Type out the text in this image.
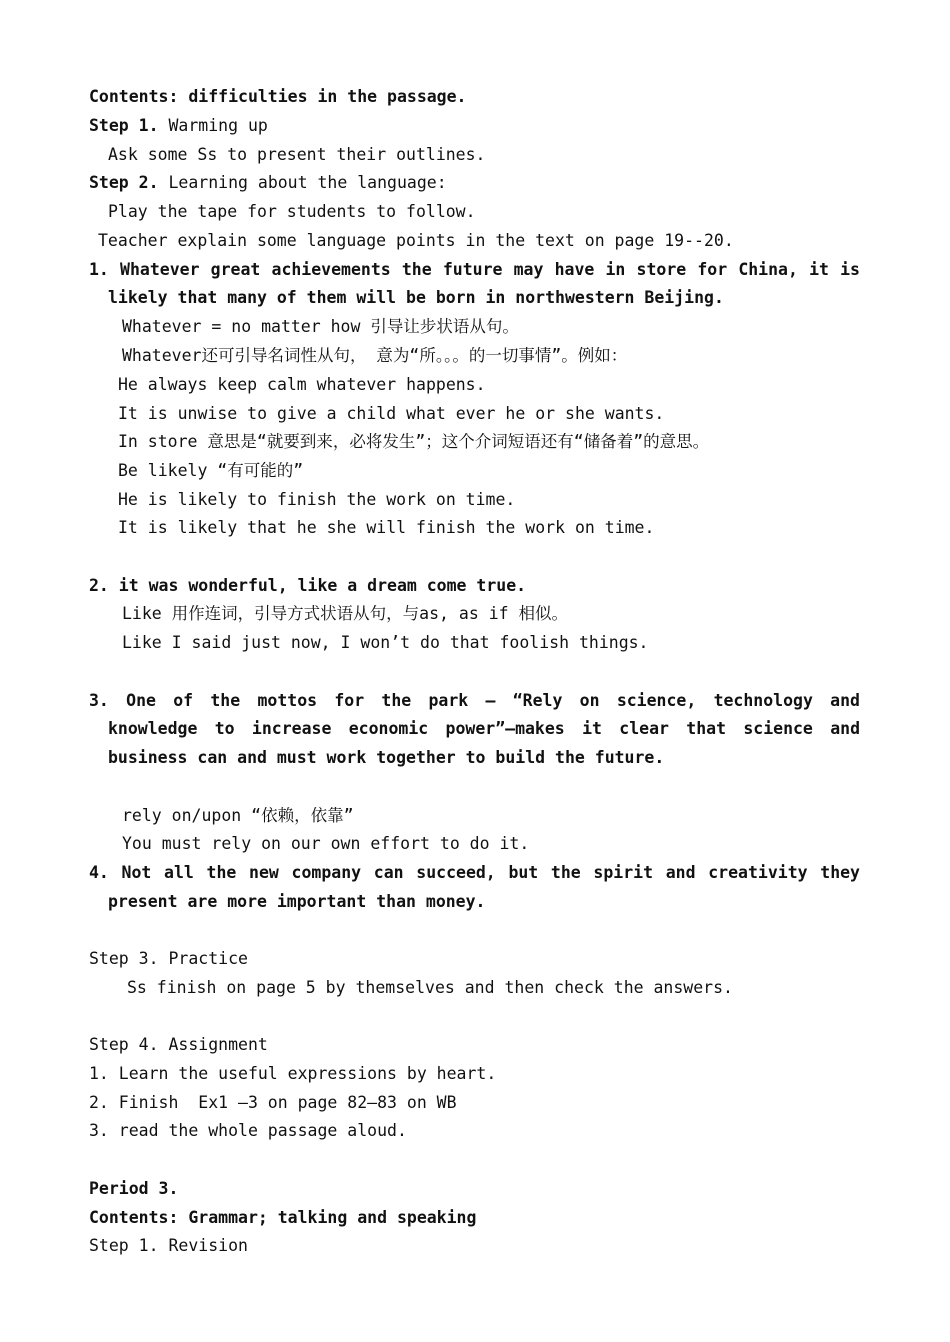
Contents: difficulties in the passage.
Step 1. Warming up
Ask some Ss to present their outlines.
Step 2. Learning about the language:
Play the tape for students to follow.
Teacher explain some language points in the text on page 19--20.
1. Whatever great achievements the future may have in store for China, it is
likely that many of them will be born in northwestern Beijing.
Whatever = no matter how 引导让步状语从句。
Whatever还可引导名词性从句， 意为“所。。。的一切事情”。例如：
He always keep calm whatever happens.
It is unwise to give a child what ever he or she wants.
In store 意思是“就要到来，必将发生”；这个介词短语还有“储备着”的意思。
Be likely “有可能的”
He is likely to finish the work on time.
It is likely that he she will finish the work on time.
2. it was wonderful, like a dream come true.
Like 用作连词，引导方式状语从句，与as, as if 相似。
Like I said just now, I won’t do that foolish things.
3. One of the mottos for the park – “Rely on science, technology and
knowledge to increase economic power”—makes it clear that science and
business can and must work together to build the future.
rely on/upon “依赖，依靠”
You must rely on our own effort to do it.
4. Not all the new company can succeed, but the spirit and creativity they
present are more important than money.
Step 3. Practice
Ss finish on page 5 by themselves and then check the answers.
Step 4. Assignment
1. Learn the useful expressions by heart.
2. Finish  Ex1 –3 on page 82—83 on WB
3. read the whole passage aloud.
Period 3.
Contents: Grammar; talking and speaking
Step 1. Revision
